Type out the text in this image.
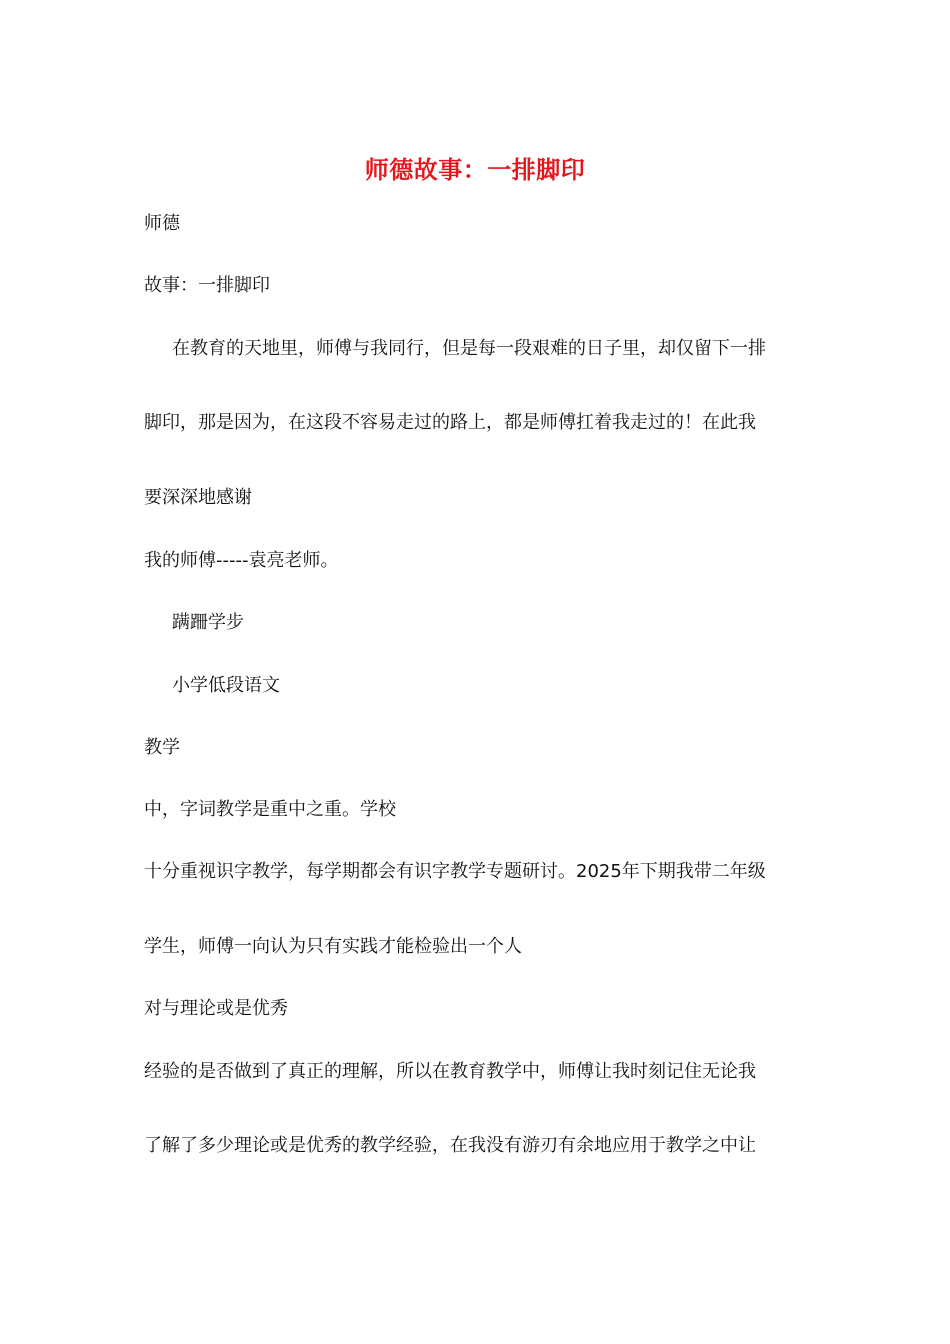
师德故事：一排脚印
师德
故事：一排脚印
在教育的天地里，师傅与我同行，但是每一段艰难的日子里，却仅留下一排
脚印，那是因为，在这段不容易走过的路上，都是师傅扛着我走过的！在此我
要深深地感谢
我的师傅-----袁亮老师。
蹒跚学步
小学低段语文
教学
中，字词教学是重中之重。学校
十分重视识字教学，每学期都会有识字教学专题研讨。2025年下期我带二年级
学生，师傅一向认为只有实践才能检验出一个人
对与理论或是优秀
经验的是否做到了真正的理解，所以在教育教学中，师傅让我时刻记住无论我
了解了多少理论或是优秀的教学经验，在我没有游刃有余地应用于教学之中让
